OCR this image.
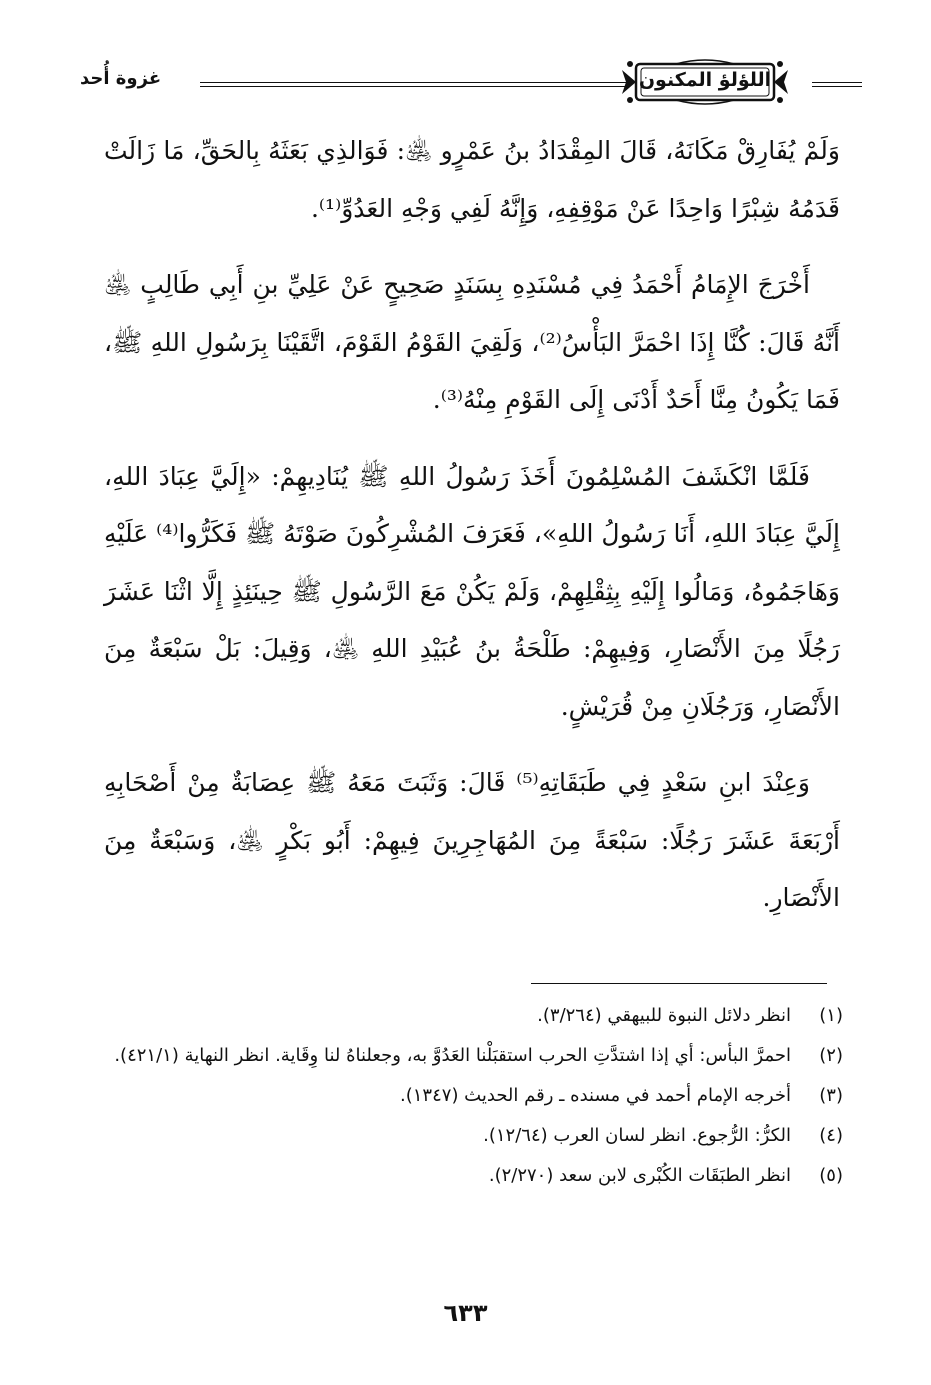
اللؤلؤ المكنون
غزوة أُحد

وَلَمْ يُفَارِقْ مَكَانَهُ، قَالَ المِقْدَادُ بنُ عَمْرٍو ﵁: فَوَالذِي بَعَثَهُ بِالحَقِّ، مَا زَالَتْ قَدَمُهُ شِبْرًا وَاحِدًا عَنْ مَوْقِفِهِ، وَإِنَّهُ لَفِي وَجْهِ العَدُوِّ⁽¹⁾.

أَخْرَجَ الإِمَامُ أَحْمَدُ فِي مُسْنَدِهِ بِسَنَدٍ صَحِيحٍ عَنْ عَلِيِّ بنِ أَبِي طَالِبٍ ﵁ أَنَّهُ قَالَ: كُنَّا إِذَا احْمَرَّ البَأْسُ⁽²⁾، وَلَقِيَ القَوْمُ القَوْمَ، اتَّقَيْنَا بِرَسُولِ اللهِ ﷺ، فَمَا يَكُونُ مِنَّا أَحَدٌ أَدْنَى إِلَى القَوْمِ مِنْهُ⁽³⁾.

فَلَمَّا انْكَشَفَ المُسْلِمُونَ أَخَذَ رَسُولُ اللهِ ﷺ يُنَادِيهِمْ: «إِلَيَّ عِبَادَ اللهِ، إِلَيَّ عِبَادَ اللهِ، أَنَا رَسُولُ اللهِ»، فَعَرَفَ المُشْرِكُونَ صَوْتَهُ ﷺ فَكَرُّوا⁽⁴⁾ عَلَيْهِ وَهَاجَمُوهُ، وَمَالُوا إِلَيْهِ بِثِقْلِهِمْ، وَلَمْ يَكُنْ مَعَ الرَّسُولِ ﷺ حِينَئِذٍ إِلَّا اثْنَا عَشَرَ رَجُلًا مِنَ الأَنْصَارِ، وَفِيهِمْ: طَلْحَةُ بنُ عُبَيْدِ اللهِ ﵁، وَقِيلَ: بَلْ سَبْعَةٌ مِنَ الأَنْصَارِ، وَرَجُلَانِ مِنْ قُرَيْشٍ.

وَعِنْدَ ابنِ سَعْدٍ فِي طَبَقَاتِهِ⁽⁵⁾ قَالَ: وَثَبَتَ مَعَهُ ﷺ عِصَابَةٌ مِنْ أَصْحَابِهِ أَرْبَعَةَ عَشَرَ رَجُلًا: سَبْعَةً مِنَ المُهَاجِرِينَ فِيهِمْ: أَبُو بَكْرٍ ﵁، وَسَبْعَةٌ مِنَ الأَنْصَارِ.

(١)
انظر دلائل النبوة للبيهقي (٣/٢٦٤).
(٢)
احمرَّ البأس: أي إذا اشتدَّتِ الحرب استقبَلْنا العَدُوَّ به، وجعلناهُ لنا وِقَاية. انظر النهاية (٤٢١/١).
(٣)
أخرجه الإمام أحمد في مسنده ـ رقم الحديث (١٣٤٧).
(٤)
الكرُّ: الرُّجوع. انظر لسان العرب (١٢/٦٤).
(٥)
انظر الطبَقَات الكُبْرى لابن سعد (٢/٢٧٠).
٦٣٣
